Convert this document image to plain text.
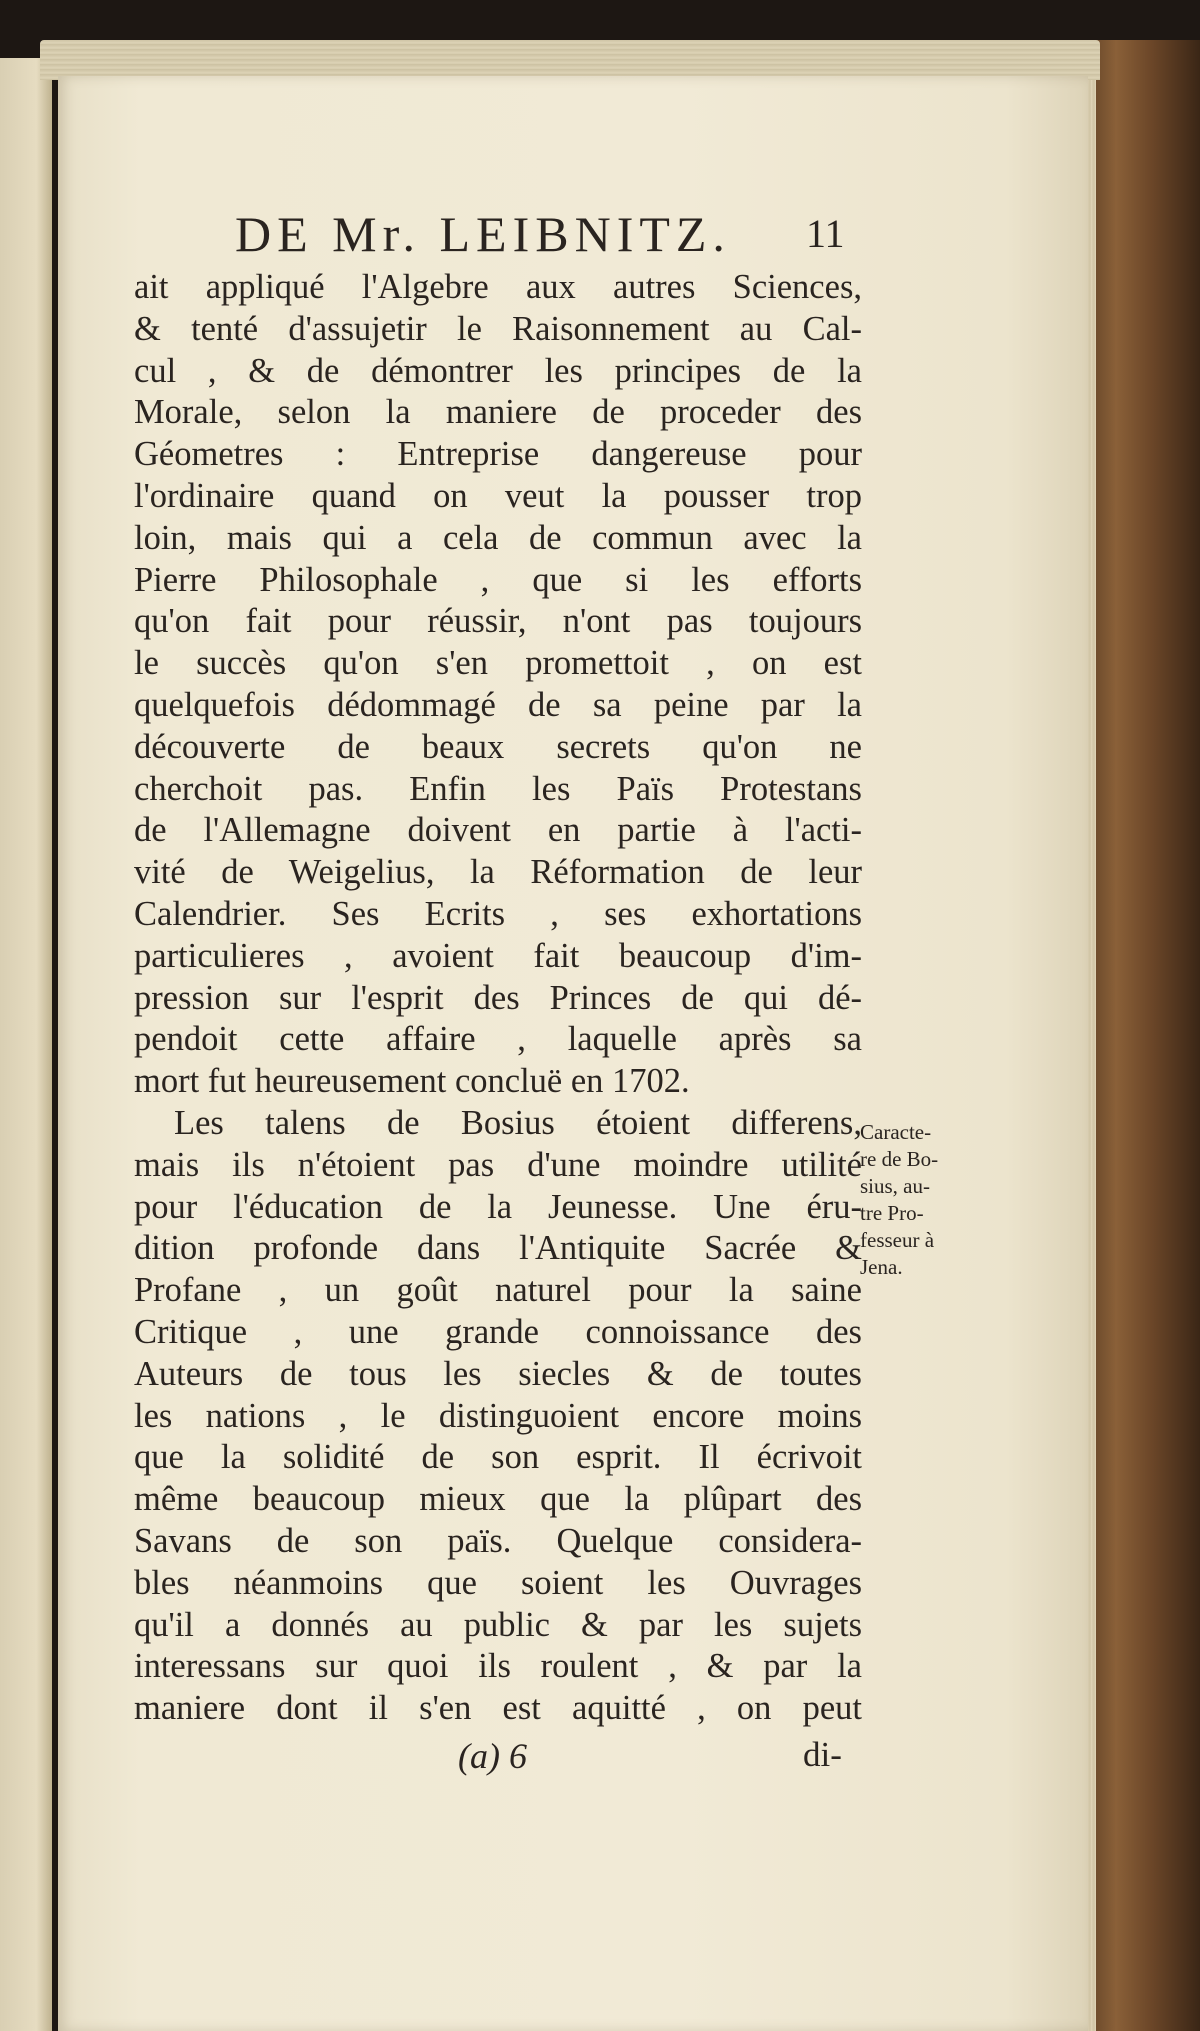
DE Mr. LEIBNITZ.	11
ait appliqué l'Algebre aux autres Sciences,
& tenté d'assujetir le Raisonnement au Cal-
cul , & de démontrer les principes de la
Morale, selon la maniere de proceder des
Géometres : Entreprise dangereuse pour
l'ordinaire quand on veut la pousser trop
loin, mais qui a cela de commun avec la
Pierre Philosophale , que si les efforts
qu'on fait pour réussir, n'ont pas toujours
le succès qu'on s'en promettoit , on est
quelquefois dédommagé de sa peine par la
découverte de beaux secrets qu'on ne
cherchoit pas. Enfin les Païs Protestans
de l'Allemagne doivent en partie à l'acti-
vité de Weigelius, la Réformation de leur
Calendrier. Ses Ecrits , ses exhortations
particulieres , avoient fait beaucoup d'im-
pression sur l'esprit des Princes de qui dé-
pendoit cette affaire , laquelle après sa
mort fut heureusement concluë en 1702.
Les talens de Bosius étoient differens,
mais ils n'étoient pas d'une moindre utilité
pour l'éducation de la Jeunesse. Une éru-
dition profonde dans l'Antiquite Sacrée &
Profane , un goût naturel pour la saine
Critique , une grande connoissance des
Auteurs de tous les siecles & de toutes
les nations , le distinguoient encore moins
que la solidité de son esprit. Il écrivoit
même beaucoup mieux que la plûpart des
Savans de son païs. Quelque considera-
bles néanmoins que soient les Ouvrages
qu'il a donnés au public & par les sujets
interessans sur quoi ils roulent , & par la
maniere dont il s'en est aquitté , on peut
Caracte-
re de Bo-
sius, au-
tre Pro-
fesseur à
Jena.
(a) 6	di-
